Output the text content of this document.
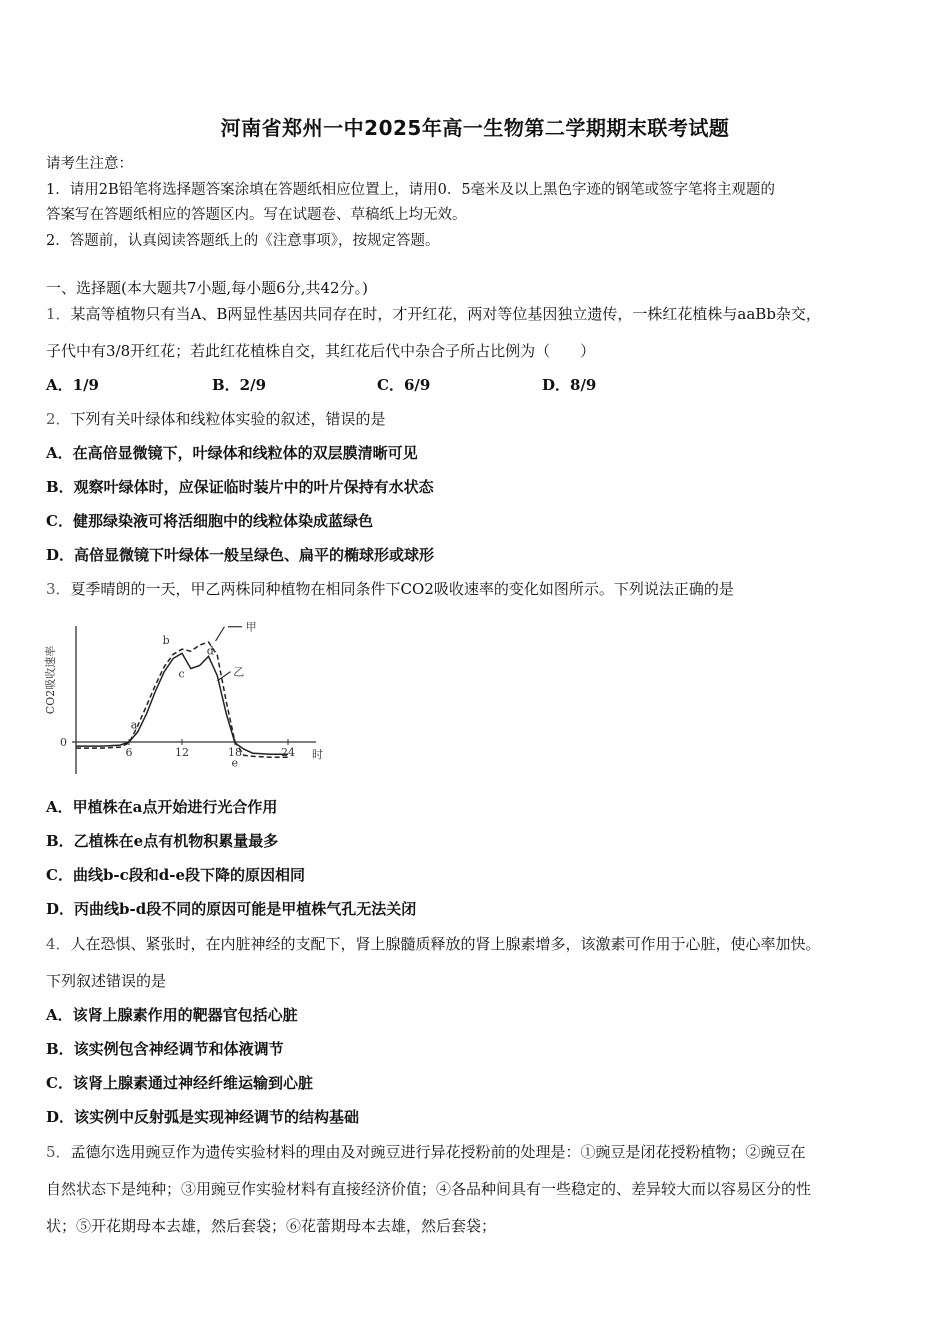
河南省郑州一中2025年高一生物第二学期期末联考试题
请考生注意：
1．请用2B铅笔将选择题答案涂填在答题纸相应位置上，请用0．5毫米及以上黑色字迹的钢笔或签字笔将主观题的
答案写在答题纸相应的答题区内。写在试题卷、草稿纸上均无效。
2．答题前，认真阅读答题纸上的《注意事项》，按规定答题。
一、选择题(本大题共7小题,每小题6分,共42分。)
1．某高等植物只有当A、B两显性基因共同存在时，才开红花，两对等位基因独立遗传，一株红花植株与aaBb杂交，
子代中有3/8开红花；若此红花植株自交，其红花后代中杂合子所占比例为（　　）
A．1/9	B．2/9	C．6/9	D．8/9
2．下列有关叶绿体和线粒体实验的叙述，错误的是
A．在高倍显微镜下，叶绿体和线粒体的双层膜清晰可见
B．观察叶绿体时，应保证临时装片中的叶片保持有水状态
C．健那绿染液可将活细胞中的线粒体染成蓝绿色
D．高倍显微镜下叶绿体一般呈绿色、扁平的椭球形或球形
3．夏季晴朗的一天，甲乙两株同种植物在相同条件下CO2吸收速率的变化如图所示。下列说法正确的是
CO2吸收速率
时
0
6	12	18	24
a
b
c
d
e
甲
乙
A．甲植株在a点开始进行光合作用
B．乙植株在e点有机物积累量最多
C．曲线b-c段和d-e段下降的原因相同
D．丙曲线b-d段不同的原因可能是甲植株气孔无法关闭
4．人在恐惧、紧张时，在内脏神经的支配下，肾上腺髓质释放的肾上腺素增多，该激素可作用于心脏，使心率加快。
下列叙述错误的是
A．该肾上腺素作用的靶器官包括心脏
B．该实例包含神经调节和体液调节
C．该肾上腺素通过神经纤维运输到心脏
D．该实例中反射弧是实现神经调节的结构基础
5．孟德尔选用豌豆作为遗传实验材料的理由及对豌豆进行异花授粉前的处理是：①豌豆是闭花授粉植物；②豌豆在
自然状态下是纯种；③用豌豆作实验材料有直接经济价值；④各品种间具有一些稳定的、差异较大而以容易区分的性
状；⑤开花期母本去雄，然后套袋；⑥花蕾期母本去雄，然后套袋；
